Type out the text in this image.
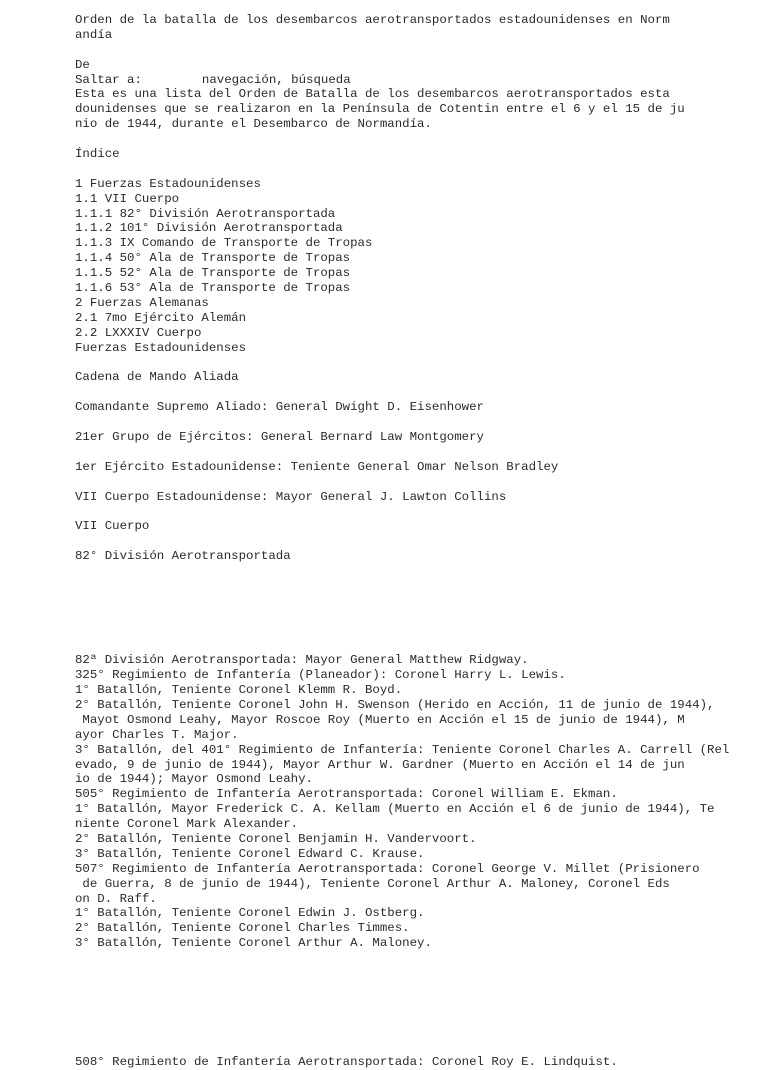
Orden de la batalla de los desembarcos aerotransportados estadounidenses en Norm
andía
De
Saltar a:	navegación, búsqueda
Esta es una lista del Orden de Batalla de los desembarcos aerotransportados esta
dounidenses que se realizaron en la Península de Cotentin entre el 6 y el 15 de ju
nio de 1944, durante el Desembarco de Normandía.
Índice
1 Fuerzas Estadounidenses
1.1 VII Cuerpo
1.1.1 82° División Aerotransportada
1.1.2 101° División Aerotransportada
1.1.3 IX Comando de Transporte de Tropas
1.1.4 50° Ala de Transporte de Tropas
1.1.5 52° Ala de Transporte de Tropas
1.1.6 53° Ala de Transporte de Tropas
2 Fuerzas Alemanas
2.1 7mo Ejército Alemán
2.2 LXXXIV Cuerpo
Fuerzas Estadounidenses
Cadena de Mando Aliada
Comandante Supremo Aliado: General Dwight D. Eisenhower
21er Grupo de Ejércitos: General Bernard Law Montgomery
1er Ejército Estadounidense: Teniente General Omar Nelson Bradley
VII Cuerpo Estadounidense: Mayor General J. Lawton Collins
VII Cuerpo
82° División Aerotransportada
82ª División Aerotransportada: Mayor General Matthew Ridgway.
325° Regimiento de Infantería (Planeador): Coronel Harry L. Lewis.
1° Batallón, Teniente Coronel Klemm R. Boyd.
2° Batallón, Teniente Coronel John H. Swenson (Herido en Acción, 11 de junio de 1944),
Mayot Osmond Leahy, Mayor Roscoe Roy (Muerto en Acción el 15 de junio de 1944), M
ayor Charles T. Major.
3° Batallón, del 401° Regimiento de Infantería: Teniente Coronel Charles A. Carrell (Rel
evado, 9 de junio de 1944), Mayor Arthur W. Gardner (Muerto en Acción el 14 de jun
io de 1944); Mayor Osmond Leahy.
505° Regimiento de Infantería Aerotransportada: Coronel William E. Ekman.
1° Batallón, Mayor Frederick C. A. Kellam (Muerto en Acción el 6 de junio de 1944), Te
niente Coronel Mark Alexander.
2° Batallón, Teniente Coronel Benjamin H. Vandervoort.
3° Batallón, Teniente Coronel Edward C. Krause.
507° Regimiento de Infantería Aerotransportada: Coronel George V. Millet (Prisionero
de Guerra, 8 de junio de 1944), Teniente Coronel Arthur A. Maloney, Coronel Eds
on D. Raff.
1° Batallón, Teniente Coronel Edwin J. Ostberg.
2° Batallón, Teniente Coronel Charles Timmes.
3° Batallón, Teniente Coronel Arthur A. Maloney.
508° Regimiento de Infantería Aerotransportada: Coronel Roy E. Lindquist.
